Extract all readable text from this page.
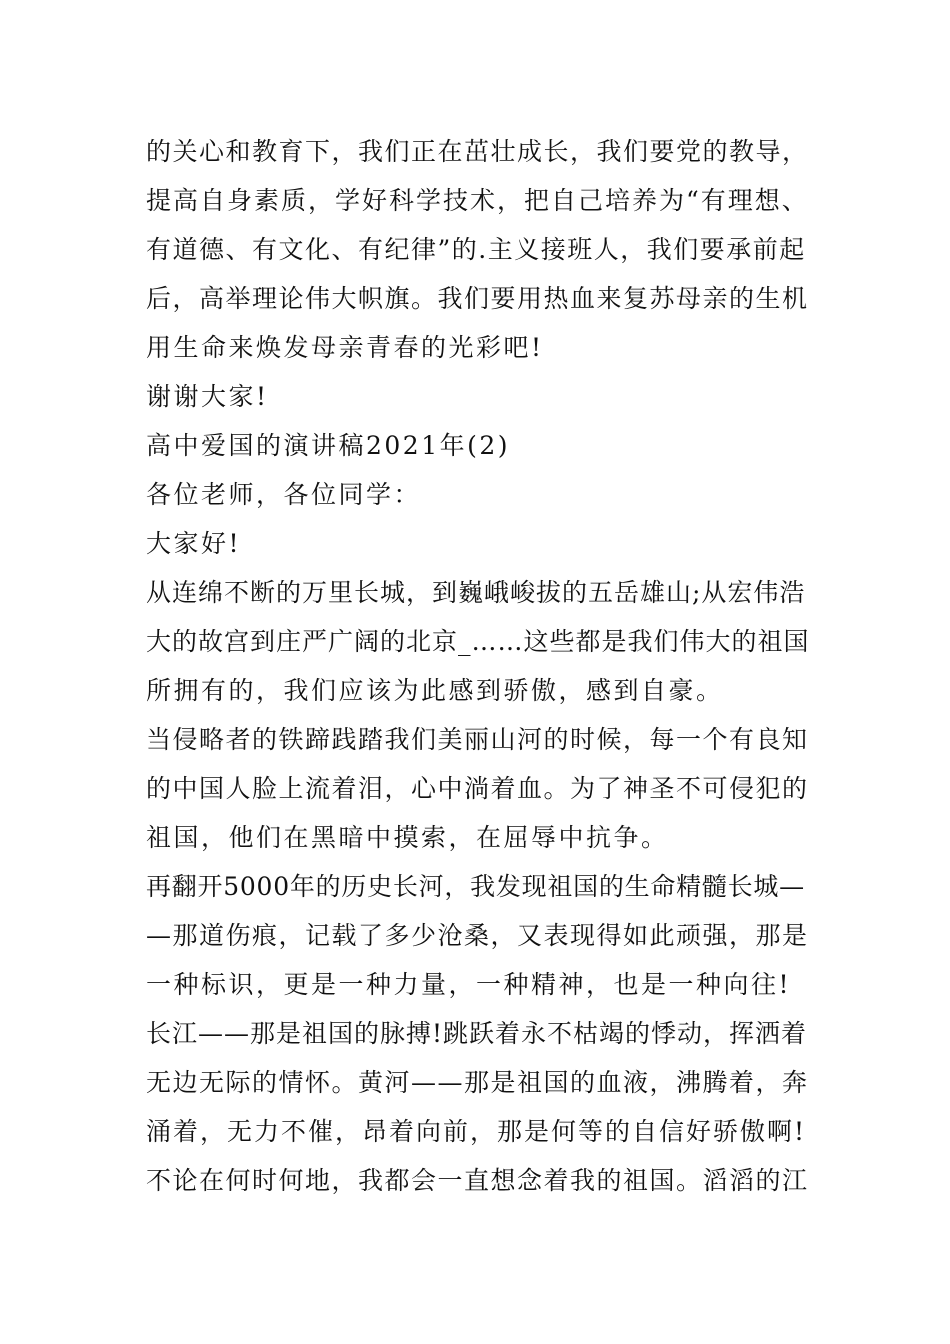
的关心和教育下，我们正在茁壮成长，我们要党的教导，
提高自身素质，学好科学技术，把自己培养为“有理想、
有道德、有文化、有纪律”的.主义接班人，我们要承前起
后，高举理论伟大帜旗。我们要用热血来复苏母亲的生机
用生命来焕发母亲青春的光彩吧!
谢谢大家!
高中爱国的演讲稿2021年(2)
各位老师，各位同学：
大家好!
从连绵不断的万里长城，到巍峨峻拔的五岳雄山;从宏伟浩
大的故宫到庄严广阔的北京_……这些都是我们伟大的祖国
所拥有的，我们应该为此感到骄傲，感到自豪。
当侵略者的铁蹄践踏我们美丽山河的时候，每一个有良知
的中国人脸上流着泪，心中淌着血。为了神圣不可侵犯的
祖国，他们在黑暗中摸索，在屈辱中抗争。
再翻开5000年的历史长河，我发现祖国的生命精髓长城—
—那道伤痕，记载了多少沧桑，又表现得如此顽强，那是
一种标识，更是一种力量，一种精神，也是一种向往!
长江——那是祖国的脉搏!跳跃着永不枯竭的悸动，挥洒着
无边无际的情怀。黄河——那是祖国的血液，沸腾着，奔
涌着，无力不催，昂着向前，那是何等的自信好骄傲啊!
不论在何时何地，我都会一直想念着我的祖国。滔滔的江
